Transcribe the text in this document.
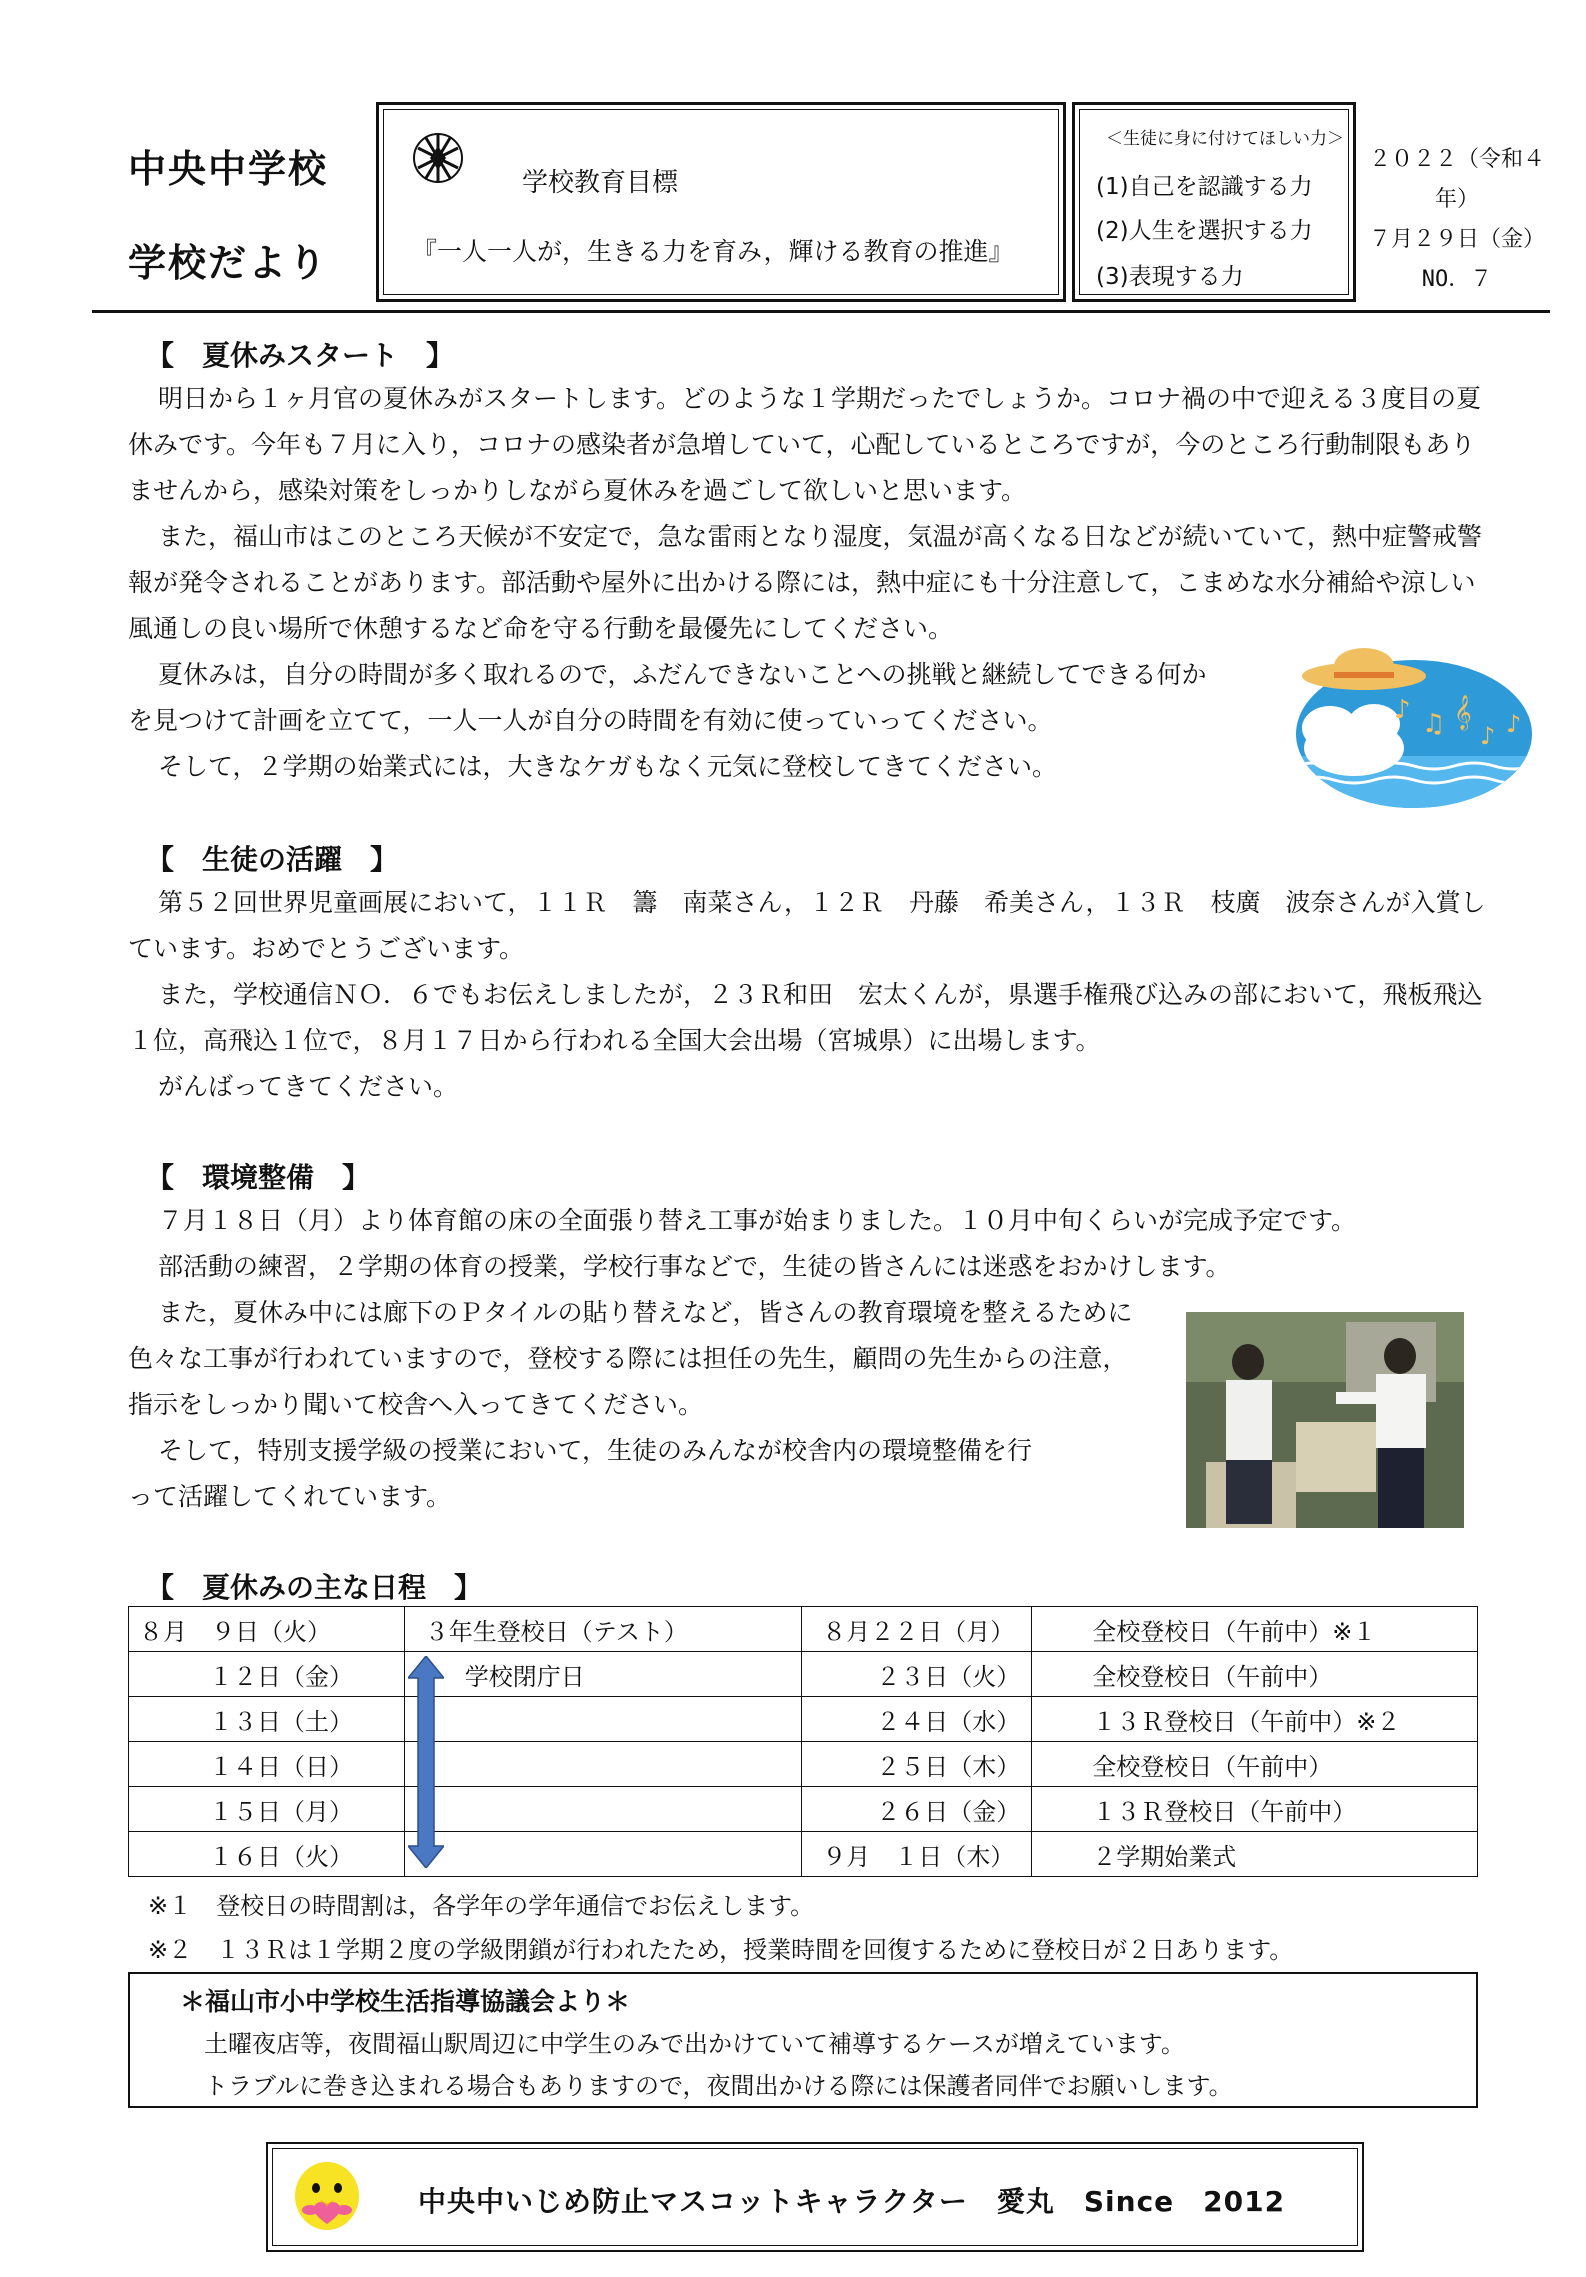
中央中学校
学校だより
学校教育目標
『一人一人が，生きる力を育み，輝ける教育の推進』
＜生徒に身に付けてほしい力＞
(1)自己を認識する力
(2)人生を選択する力
(3)表現する力
２０２２（令和４年）
７月２９日（金）
NO．７
【　夏休みスタート　】

明日から１ヶ月官の夏休みがスタートします。どのような１学期だったでしょうか。コロナ禍の中で迎える３度目の夏休みです。今年も７月に入り，コロナの感染者が急増していて，心配しているところですが，今のところ行動制限もありませんから，感染対策をしっかりしながら夏休みを過ごして欲しいと思います。

また，福山市はこのところ天候が不安定で，急な雷雨となり湿度，気温が高くなる日などが続いていて，熱中症警戒警報が発令されることがあります。部活動や屋外に出かける際には，熱中症にも十分注意して，こまめな水分補給や涼しい風通しの良い場所で休憩するなど命を守る行動を最優先にしてください。

夏休みは，自分の時間が多く取れるので，ふだんできないことへの挑戦と継続してできる何かを見つけて計画を立てて，一人一人が自分の時間を有効に使っていってください。

そして，２学期の始業式には，大きなケガもなく元気に登校してきてください。

♪ ♫ 𝄞
♪ ♪
【　生徒の活躍　】

第５２回世界児童画展において，１１Ｒ　籌　南菜さん，１２Ｒ　丹藤　希美さん，１３Ｒ　枝廣　波奈さんが入賞しています。おめでとうございます。

また，学校通信ＮＯ．６でもお伝えしましたが，２３Ｒ和田　宏太くんが，県選手権飛び込みの部において，飛板飛込１位，高飛込１位で，８月１７日から行われる全国大会出場（宮城県）に出場します。

がんばってきてください。

【　環境整備　】

７月１８日（月）より体育館の床の全面張り替え工事が始まりました。１０月中旬くらいが完成予定です。

部活動の練習，２学期の体育の授業，学校行事などで，生徒の皆さんには迷惑をおかけします。

また，夏休み中には廊下のＰタイルの貼り替えなど，皆さんの教育環境を整えるために色々な工事が行われていますので，登校する際には担任の先生，顧問の先生からの注意，指示をしっかり聞いて校舎へ入ってきてください。

そして，特別支援学級の授業において，生徒のみんなが校舎内の環境整備を行って活躍してくれています。

【　夏休みの主な日程　】
８月　９日（火）	３年生登校日（テスト）	８月２２日（月）	全校登校日（午前中）※１
１２日（金）	学校閉庁日	２３日（火）	全校登校日（午前中）
１３日（土）		２４日（水）	１３Ｒ登校日（午前中）※２
１４日（日）		２５日（木）	全校登校日（午前中）
１５日（月）		２６日（金）	１３Ｒ登校日（午前中）
１６日（火）		９月　１日（木）	２学期始業式
※１　登校日の時間割は，各学年の学年通信でお伝えします。
※２　１３Ｒは１学期２度の学級閉鎖が行われたため，授業時間を回復するために登校日が２日あります。
＊福山市小中学校生活指導協議会より＊
土曜夜店等，夜間福山駅周辺に中学生のみで出かけていて補導するケースが増えています。
トラブルに巻き込まれる場合もありますので，夜間出かける際には保護者同伴でお願いします。
中央中いじめ防止マスコットキャラクター　愛丸　Since　2012
